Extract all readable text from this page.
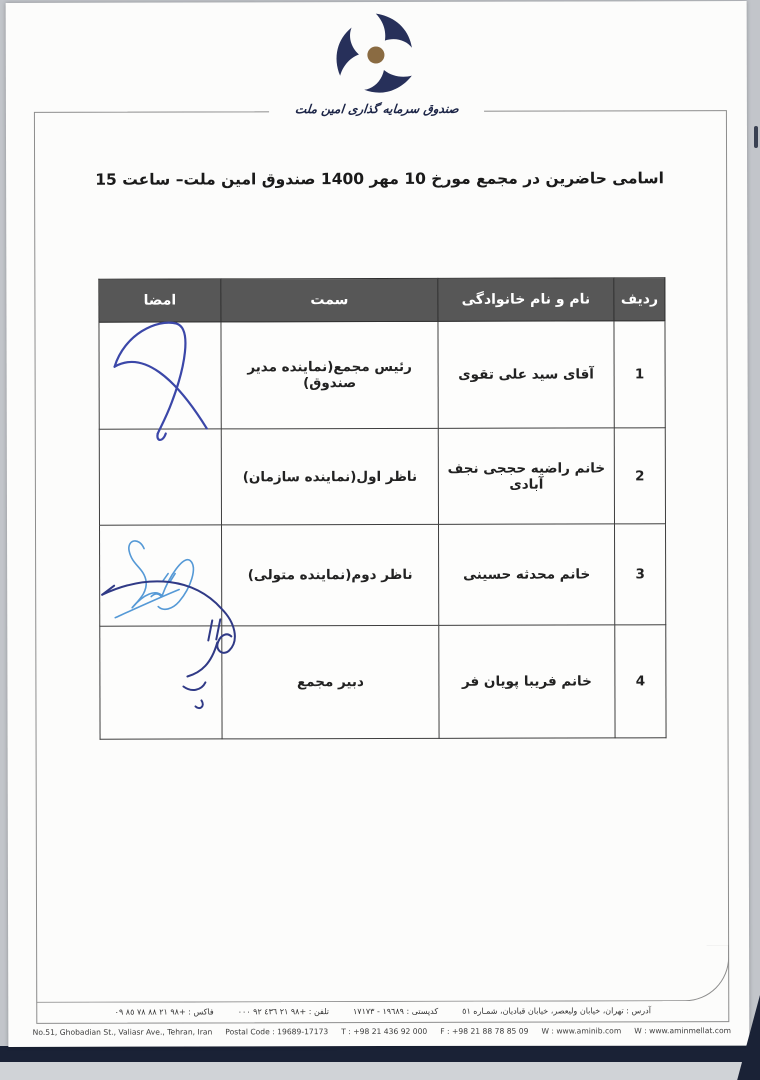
آدرس : تهران، خیابان ولیعصر، خیابان قبادیان، شمـاره ٥١
کدپستی : ١٩٦٨٩ - ١٧١٧٣
تلفن : +٩٨ ٢١ ٤٣٦ ٩٢ ٠٠٠
فاکس : +٩٨ ٢١ ٨٨ ٧٨ ٨٥ ٠٩
صندوق سرمایه گذاری امین ملت
اسامی حاضرین در مجمع مورخ 10 مهر 1400 صندوق امین ملت– ساعت 15
ردیف	نام و نام خانوادگی	سمت	امضا
1	آقای سید علی تقوی	رئیس مجمع(نماینده مدیر صندوق)	
2	خانم راضیه حججی نجف آبادی	ناظر اول(نماینده سازمان)	
3	خانم محدثه حسینی	ناظر دوم(نماینده متولی)	
4	خانم فریبا پویان فر	دبیر مجمع	
No.51, Ghobadian St., Valiasr Ave., Tehran, Iran Postal Code : 19689-17173 T : +98 21 436 92 000 F : +98 21 88 78 85 09 W : www.aminib.com W : www.aminmellat.com
